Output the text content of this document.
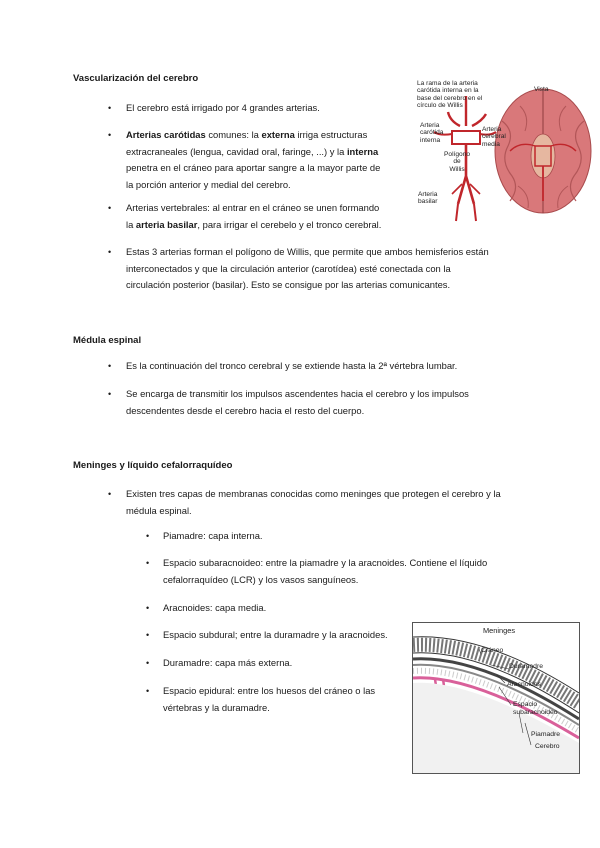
Vascularización del cerebro
• El cerebro está irrigado por 4 grandes arterias.
• Arterias carótidas comunes: la externa irriga estructuras
extracraneales (lengua, cavidad oral, faringe, ...) y la interna
penetra en el cráneo para aportar sangre a la mayor parte de
la porción anterior y medial del cerebro.
• Arterias vertebrales: al entrar en el cráneo se unen formando
la arteria basilar, para irrigar el cerebelo y el tronco cerebral.
• Estas 3 arterias forman el polígono de Willis, que permite que ambos hemisferios están
interconectados y que la circulación anterior (carotídea) esté conectada con la
circulación posterior (basilar). Esto se consigue por las arterias comunicantes.
La rama de la arteria
carótida interna en la
base del cerebro en el
círculo de Willis
Vista
Arteria
carótida
interna
Arteria
cerebral
media
Polígono
de
Willis
Arteria
basilar
Médula espinal
• Es la continuación del tronco cerebral y se extiende hasta la 2ª vértebra lumbar.
• Se encarga de transmitir los impulsos ascendentes hacia el cerebro y los impulsos
descendentes desde el cerebro hacia el resto del cuerpo.
Meninges y líquido cefalorraquídeo
• Existen tres capas de membranas conocidas como meninges que protegen el cerebro y la
médula espinal.
• Piamadre: capa interna.
• Espacio subaracnoideo: entre la piamadre y la aracnoides. Contiene el líquido
cefalorraquídeo (LCR) y los vasos sanguíneos.
• Aracnoides: capa media.
• Espacio subdural; entre la duramadre y la aracnoides.
• Duramadre: capa más externa.
• Espacio epidural: entre los huesos del cráneo o las
vértebras y la duramadre.
Meninges
Cráneo
Duramadre
Aracnoides
Espacio
subaracnoideo
Piamadre
Cerebro
